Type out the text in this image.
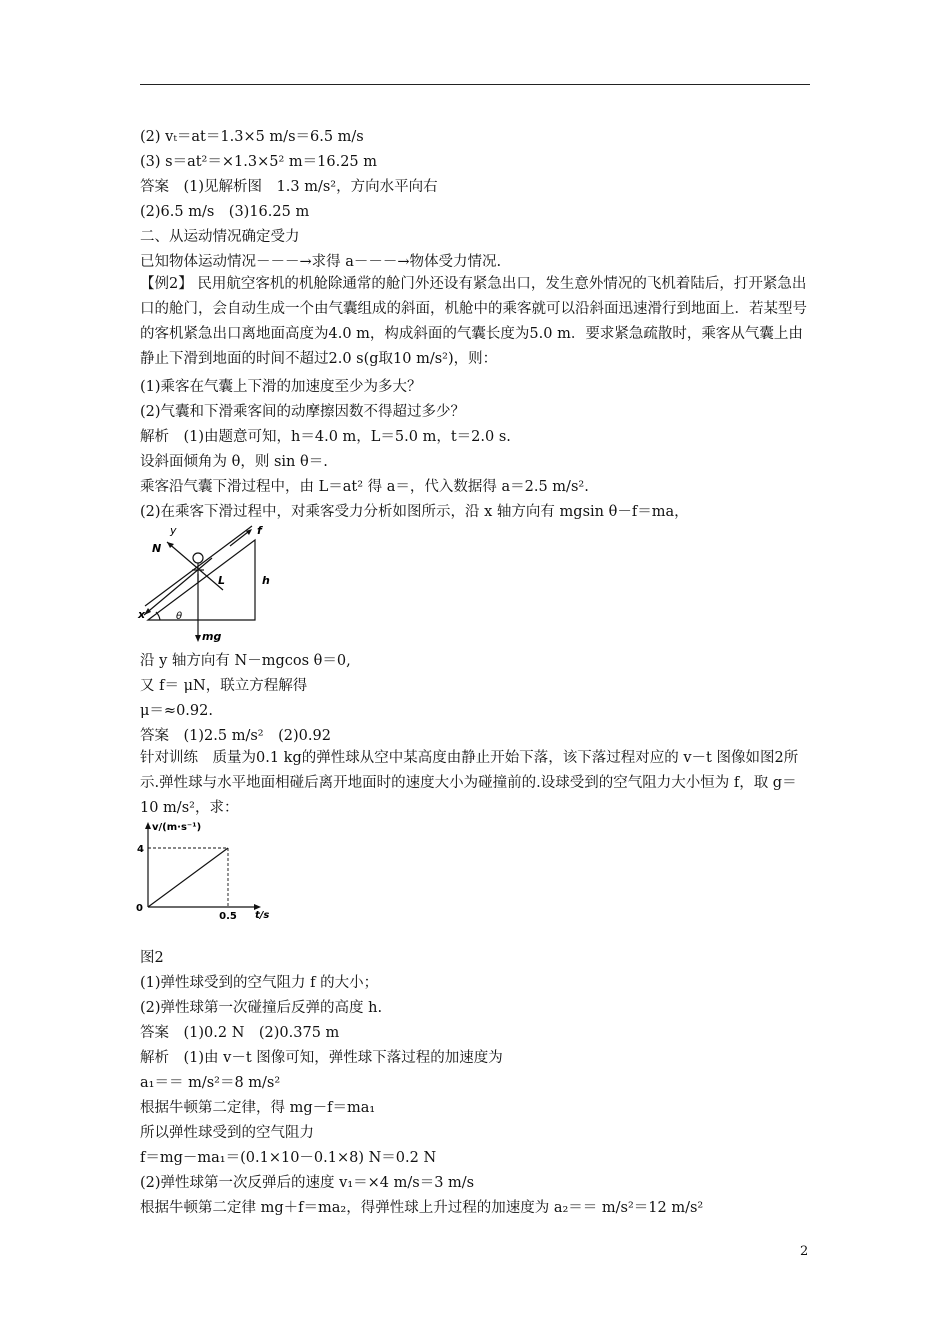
(2) vₜ＝at＝1.3×5 m/s＝6.5 m/s
(3) s＝at²＝×1.3×5² m＝16.25 m
答案　(1)见解析图　1.3 m/s²，方向水平向右
(2)6.5 m/s　(3)16.25 m
二、从运动情况确定受力
已知物体运动情况－－－→求得 a－－－→物体受力情况.
【例2】 民用航空客机的机舱除通常的舱门外还设有紧急出口，发生意外情况的飞机着陆后，打开紧急出口的舱门，会自动生成一个由气囊组成的斜面，机舱中的乘客就可以沿斜面迅速滑行到地面上．若某型号的客机紧急出口离地面高度为4.0 m，构成斜面的气囊长度为5.0 m．要求紧急疏散时，乘客从气囊上由静止下滑到地面的时间不超过2.0 s(g取10 m/s²)，则：
(1)乘客在气囊上下滑的加速度至少为多大？
(2)气囊和下滑乘客间的动摩擦因数不得超过多少？
解析　(1)由题意可知，h＝4.0 m，L＝5.0 m，t＝2.0 s.
设斜面倾角为 θ，则 sin θ＝.
乘客沿气囊下滑过程中，由 L＝at² 得 a＝，代入数据得 a＝2.5 m/s².
(2)在乘客下滑过程中，对乘客受力分析如图所示，沿 x 轴方向有 mgsin θ－f＝ma，
y
N
f
L	h
x	θ
mg
沿 y 轴方向有 N－mgcos θ＝0,
又 f＝ μN，联立方程解得
μ＝≈0.92.
答案　(1)2.5 m/s²　(2)0.92
针对训练　质量为0.1 kg的弹性球从空中某高度由静止开始下落，该下落过程对应的 v－t 图像如图2所示.弹性球与水平地面相碰后离开地面时的速度大小为碰撞前的.设球受到的空气阻力大小恒为 f，取 g＝10 m/s²，求：
v/(m·s⁻¹)
t/s
0.5
4
0
图2
(1)弹性球受到的空气阻力 f 的大小；
(2)弹性球第一次碰撞后反弹的高度 h.
答案　(1)0.2 N　(2)0.375 m
解析　(1)由 v－t 图像可知，弹性球下落过程的加速度为
a₁＝＝ m/s²＝8 m/s²
根据牛顿第二定律，得 mg－f＝ma₁
所以弹性球受到的空气阻力
f＝mg－ma₁＝(0.1×10－0.1×8) N＝0.2 N
(2)弹性球第一次反弹后的速度 v₁＝×4 m/s＝3 m/s
根据牛顿第二定律 mg＋f＝ma₂，得弹性球上升过程的加速度为 a₂＝＝ m/s²＝12 m/s²
2
